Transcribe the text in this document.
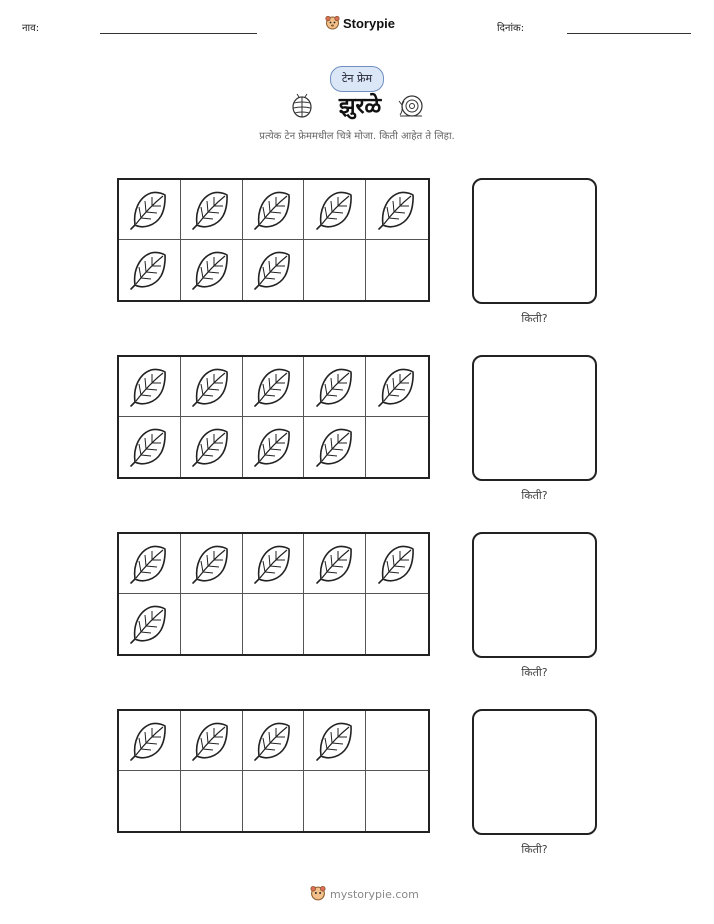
नाव:	Storypie	दिनांक:
टेन फ्रेम
झुरळे
प्रत्येक टेन फ्रेममधील चित्रे मोजा. किती आहेत ते लिहा.
किती?
किती?
किती?
किती?
mystorypie.com
